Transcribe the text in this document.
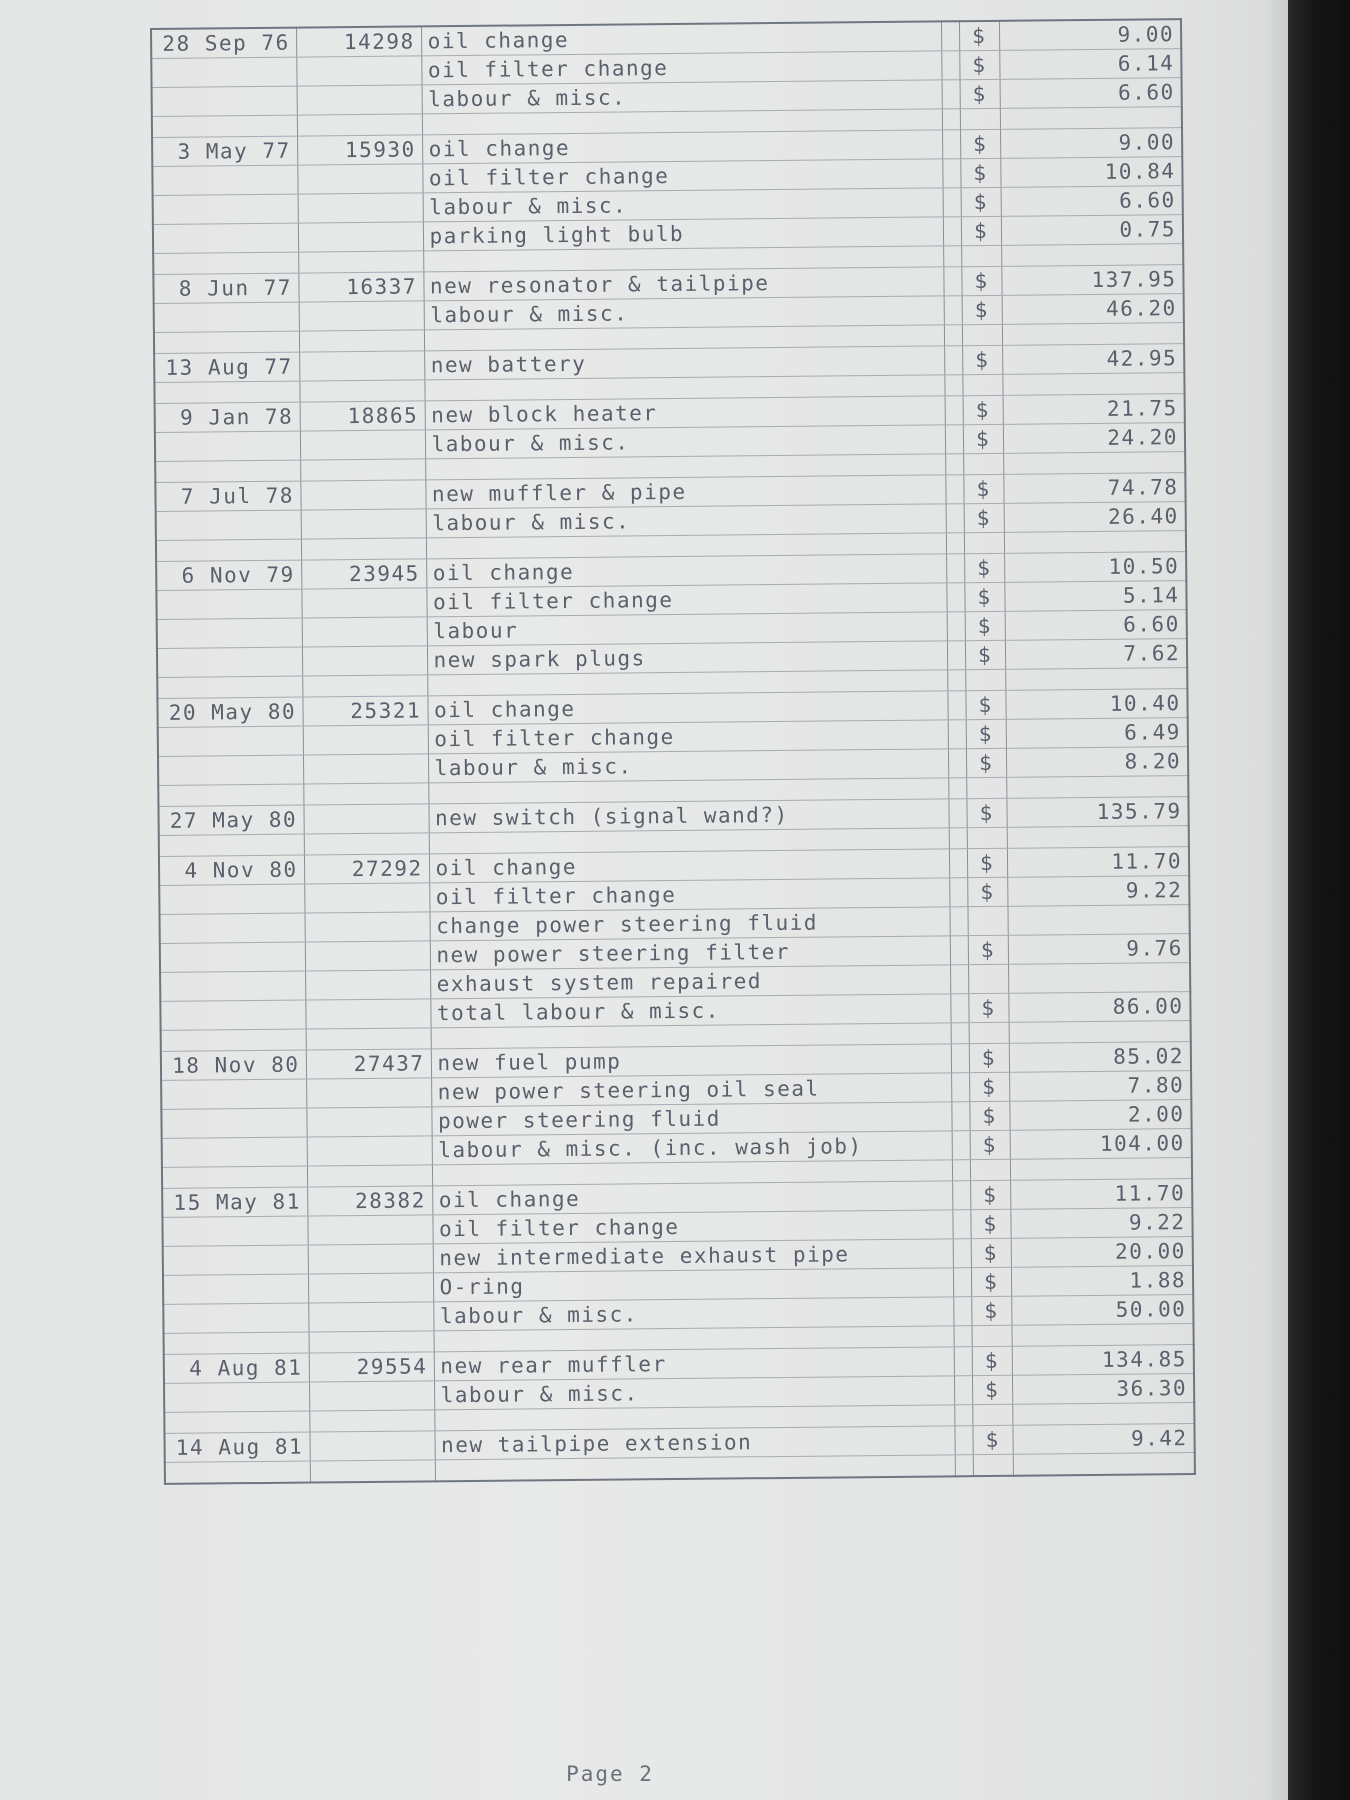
28 Sep 76	14298	oil change		$	9.00
		oil filter change		$	6.14
		labour & misc.		$	6.60

3 May 77	15930	oil change		$	9.00
		oil filter change		$	10.84
		labour & misc.		$	6.60
		parking light bulb		$	0.75

8 Jun 77	16337	new resonator & tailpipe		$	137.95
		labour & misc.		$	46.20

13 Aug 77		new battery		$	42.95

9 Jan 78	18865	new block heater		$	21.75
		labour & misc.		$	24.20

7 Jul 78		new muffler & pipe		$	74.78
		labour & misc.		$	26.40

6 Nov 79	23945	oil change		$	10.50
		oil filter change		$	5.14
		labour		$	6.60
		new spark plugs		$	7.62

20 May 80	25321	oil change		$	10.40
		oil filter change		$	6.49
		labour & misc.		$	8.20

27 May 80		new switch (signal wand?)		$	135.79

4 Nov 80	27292	oil change		$	11.70
		oil filter change		$	9.22
		change power steering fluid			
		new power steering filter		$	9.76
		exhaust system repaired			
		total labour & misc.		$	86.00

18 Nov 80	27437	new fuel pump		$	85.02
		new power steering oil seal		$	7.80
		power steering fluid		$	2.00
		labour & misc. (inc. wash job)		$	104.00

15 May 81	28382	oil change		$	11.70
		oil filter change		$	9.22
		new intermediate exhaust pipe		$	20.00
		O-ring		$	1.88
		labour & misc.		$	50.00

4 Aug 81	29554	new rear muffler		$	134.85
		labour & misc.		$	36.30

14 Aug 81		new tailpipe extension		$	9.42

Page 2
